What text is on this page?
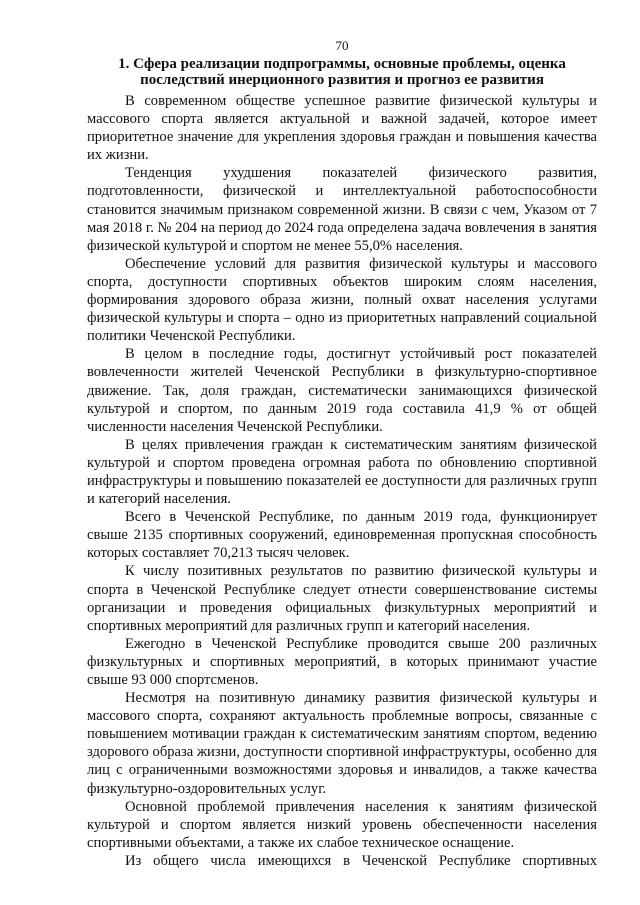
70
1. Сфера реализации подпрограммы, основные проблемы, оценка последствий инерционного развития и прогноз ее развития

В современном обществе успешное развитие физической культуры и массового спорта является актуальной и важной задачей, которое имеет приоритетное значение для укрепления здоровья граждан и повышения качества их жизни.

Тенденция ухудшения показателей физического развития, подготовленности, физической и интеллектуальной работоспособности становится значимым признаком современной жизни. В связи с чем, Указом от 7 мая 2018 г. № 204 на период до 2024 года определена задача вовлечения в занятия физической культурой и спортом не менее 55,0% населения.

Обеспечение условий для развития физической культуры и массового спорта, доступности спортивных объектов широким слоям населения, формирования здорового образа жизни, полный охват населения услугами физической культуры и спорта – одно из приоритетных направлений социальной политики Чеченской Республики.

В целом в последние годы, достигнут устойчивый рост показателей вовлеченности жителей Чеченской Республики в физкультурно-спортивное движение. Так, доля граждан, систематически занимающихся физической культурой и спортом, по данным 2019 года составила 41,9 % от общей численности населения Чеченской Республики.

В целях привлечения граждан к систематическим занятиям физической культурой и спортом проведена огромная работа по обновлению спортивной инфраструктуры и повышению показателей ее доступности для различных групп и категорий населения.

Всего в Чеченской Республике, по данным 2019 года, функционирует свыше 2135 спортивных сооружений, единовременная пропускная способность которых составляет 70,213 тысяч человек.

К числу позитивных результатов по развитию физической культуры и спорта в Чеченской Республике следует отнести совершенствование системы организации и проведения официальных физкультурных мероприятий и спортивных мероприятий для различных групп и категорий населения.

Ежегодно в Чеченской Республике проводится свыше 200 различных физкультурных и спортивных мероприятий, в которых принимают участие свыше 93 000 спортсменов.

Несмотря на позитивную динамику развития физической культуры и массового спорта, сохраняют актуальность проблемные вопросы, связанные с повышением мотивации граждан к систематическим занятиям спортом, ведению здорового образа жизни, доступности спортивной инфраструктуры, особенно для лиц с ограниченными возможностями здоровья и инвалидов, а также качества физкультурно-оздоровительных услуг.

Основной проблемой привлечения населения к занятиям физической культурой и спортом является низкий уровень обеспеченности населения спортивными объектами, а также их слабое техническое оснащение.

Из общего числа имеющихся в Чеченской Республике спортивных
